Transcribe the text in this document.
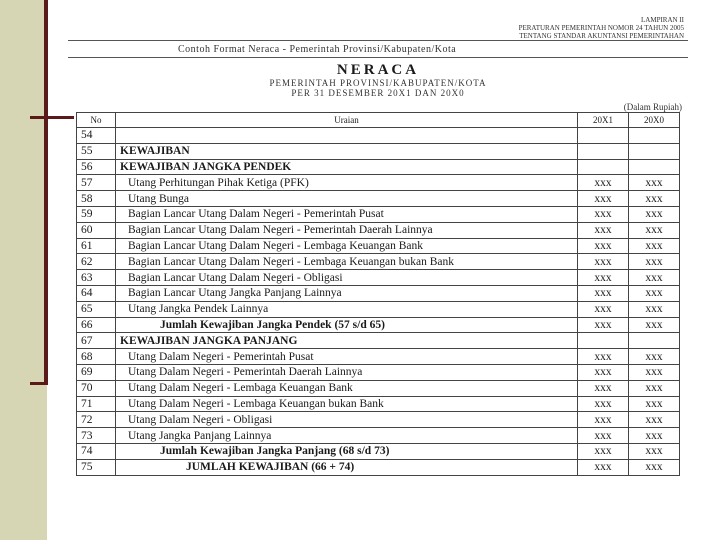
LAMPIRAN II
PERATURAN PEMERINTAH NOMOR 24 TAHUN 2005
TENTANG STANDAR AKUNTANSI PEMERINTAHAN
Contoh Format Neraca - Pemerintah Provinsi/Kabupaten/Kota
NERACA
PEMERINTAH PROVINSI/KABUPATEN/KOTA
PER 31 DESEMBER 20X1 DAN 20X0
(Dalam Rupiah)
No	Uraian	20X1	20X0
54			
55	KEWAJIBAN		
56	KEWAJIBAN JANGKA PENDEK		
57	Utang Perhitungan Pihak Ketiga (PFK)	xxx	xxx
58	Utang Bunga	xxx	xxx
59	Bagian Lancar Utang Dalam Negeri - Pemerintah Pusat	xxx	xxx
60	Bagian Lancar Utang Dalam Negeri - Pemerintah Daerah Lainnya	xxx	xxx
61	Bagian Lancar Utang Dalam Negeri - Lembaga Keuangan Bank	xxx	xxx
62	Bagian Lancar Utang Dalam Negeri - Lembaga Keuangan bukan Bank	xxx	xxx
63	Bagian Lancar Utang Dalam Negeri - Obligasi	xxx	xxx
64	Bagian Lancar Utang Jangka Panjang Lainnya	xxx	xxx
65	Utang Jangka Pendek Lainnya	xxx	xxx
66	Jumlah Kewajiban Jangka Pendek (57 s/d 65)	xxx	xxx
67	KEWAJIBAN JANGKA PANJANG		
68	Utang Dalam Negeri - Pemerintah Pusat	xxx	xxx
69	Utang Dalam Negeri - Pemerintah Daerah Lainnya	xxx	xxx
70	Utang Dalam Negeri - Lembaga Keuangan Bank	xxx	xxx
71	Utang Dalam Negeri - Lembaga Keuangan bukan Bank	xxx	xxx
72	Utang Dalam Negeri - Obligasi	xxx	xxx
73	Utang Jangka Panjang Lainnya	xxx	xxx
74	Jumlah Kewajiban Jangka Panjang (68 s/d 73)	xxx	xxx
75	JUMLAH KEWAJIBAN (66 + 74)	xxx	xxx
